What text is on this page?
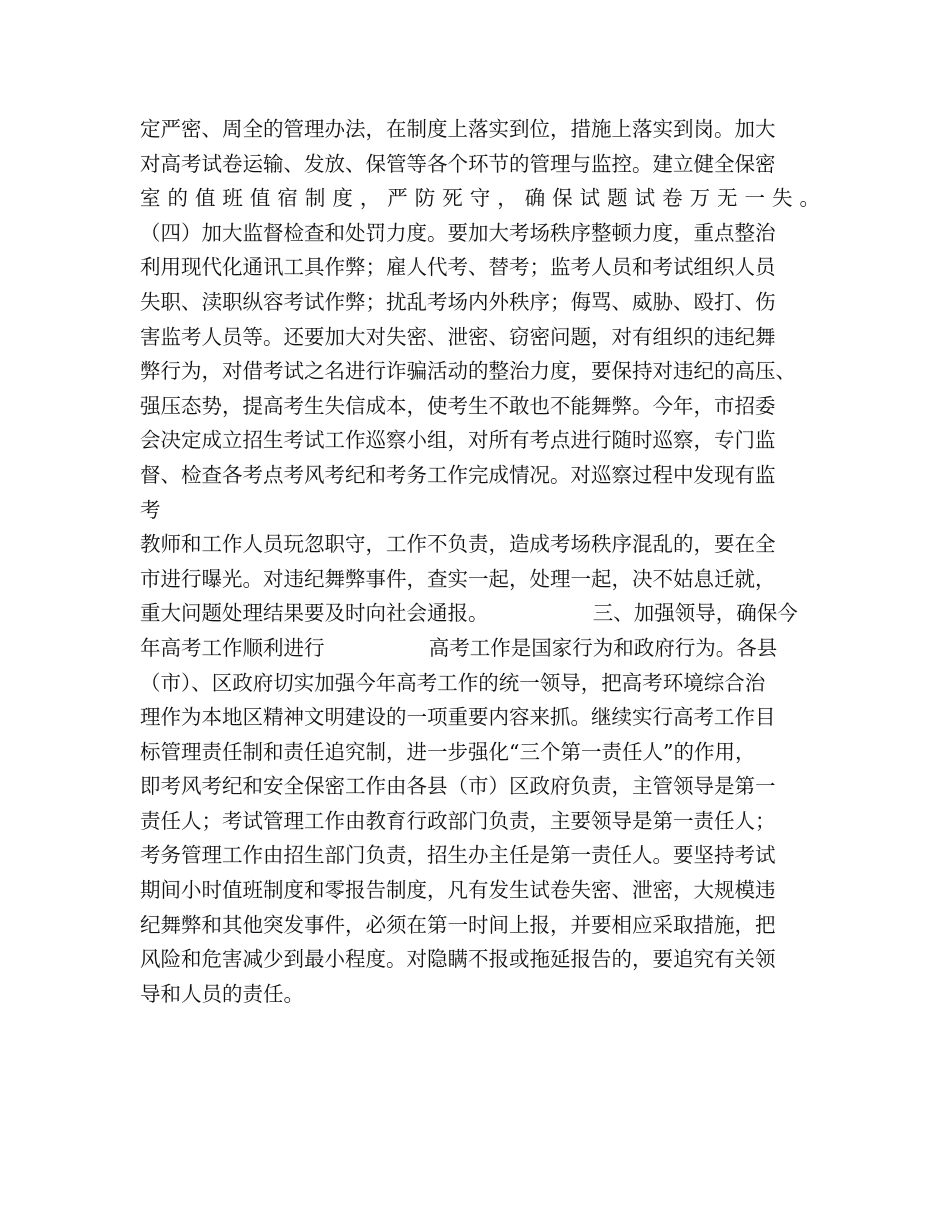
定严密、周全的管理办法，在制度上落实到位，措施上落实到岗。加大
对高考试卷运输、发放、保管等各个环节的管理与监控。建立健全保密
室的值班值宿制度，严防死守，确保试题试卷万无一失。
（四）加大监督检查和处罚力度。要加大考场秩序整顿力度，重点整治
利用现代化通讯工具作弊；雇人代考、替考；监考人员和考试组织人员
失职、渎职纵容考试作弊；扰乱考场内外秩序；侮骂、威胁、殴打、伤
害监考人员等。还要加大对失密、泄密、窃密问题，对有组织的违纪舞
弊行为，对借考试之名进行诈骗活动的整治力度，要保持对违纪的高压、
强压态势，提高考生失信成本，使考生不敢也不能舞弊。今年，市招委
会决定成立招生考试工作巡察小组，对所有考点进行随时巡察，专门监
督、检查各考点考风考纪和考务工作完成情况。对巡察过程中发现有监
考
教师和工作人员玩忽职守，工作不负责，造成考场秩序混乱的，要在全
市进行曝光。对违纪舞弊事件，查实一起，处理一起，决不姑息迁就，
重大问题处理结果要及时向社会通报。                三、加强领导，确保今
年高考工作顺利进行                高考工作是国家行为和政府行为。各县
（市）、区政府切实加强今年高考工作的统一领导，把高考环境综合治
理作为本地区精神文明建设的一项重要内容来抓。继续实行高考工作目
标管理责任制和责任追究制，进一步强化“三个第一责任人”的作用，
即考风考纪和安全保密工作由各县（市）区政府负责，主管领导是第一
责任人；考试管理工作由教育行政部门负责，主要领导是第一责任人；
考务管理工作由招生部门负责，招生办主任是第一责任人。要坚持考试
期间小时值班制度和零报告制度，凡有发生试卷失密、泄密，大规模违
纪舞弊和其他突发事件，必须在第一时间上报，并要相应采取措施，把
风险和危害减少到最小程度。对隐瞒不报或拖延报告的，要追究有关领
导和人员的责任。
